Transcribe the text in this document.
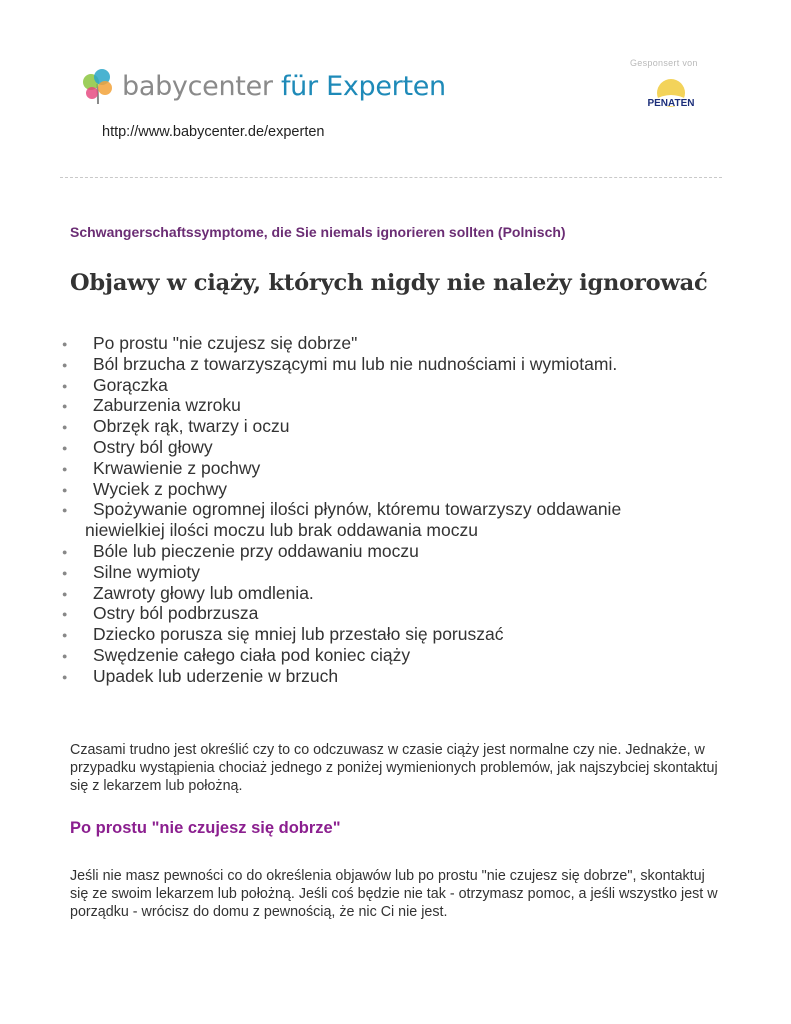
babycenter für Experten
http://www.babycenter.de/experten
Gesponsert von
PENATEN
Schwangerschaftssymptome, die Sie niemals ignorieren sollten (Polnisch)
Objawy w ciąży, których nigdy nie należy ignorować
● Po prostu "nie czujesz się dobrze"
● Ból brzucha z towarzyszącymi mu lub nie nudnościami i wymiotami.
● Gorączka
● Zaburzenia wzroku
● Obrzęk rąk, twarzy i oczu
● Ostry ból głowy
● Krwawienie z pochwy
● Wyciek z pochwy
● Spożywanie ogromnej ilości płynów, któremu towarzyszy oddawanie
niewielkiej ilości moczu lub brak oddawania moczu
● Bóle lub pieczenie przy oddawaniu moczu
● Silne wymioty
● Zawroty głowy lub omdlenia.
● Ostry ból podbrzusza
● Dziecko porusza się mniej lub przestało się poruszać
● Swędzenie całego ciała pod koniec ciąży
● Upadek lub uderzenie w brzuch

Czasami trudno jest określić czy to co odczuwasz w czasie ciąży jest normalne czy nie. Jednakże, w przypadku wystąpienia chociaż jednego z poniżej wymienionych problemów, jak najszybciej skontaktuj się z lekarzem lub położną.

Po prostu "nie czujesz się dobrze"

Jeśli nie masz pewności co do określenia objawów lub po prostu "nie czujesz się dobrze", skontaktuj się ze swoim lekarzem lub położną. Jeśli coś będzie nie tak - otrzymasz pomoc, a jeśli wszystko jest w porządku - wrócisz do domu z pewnością, że nic Ci nie jest.
